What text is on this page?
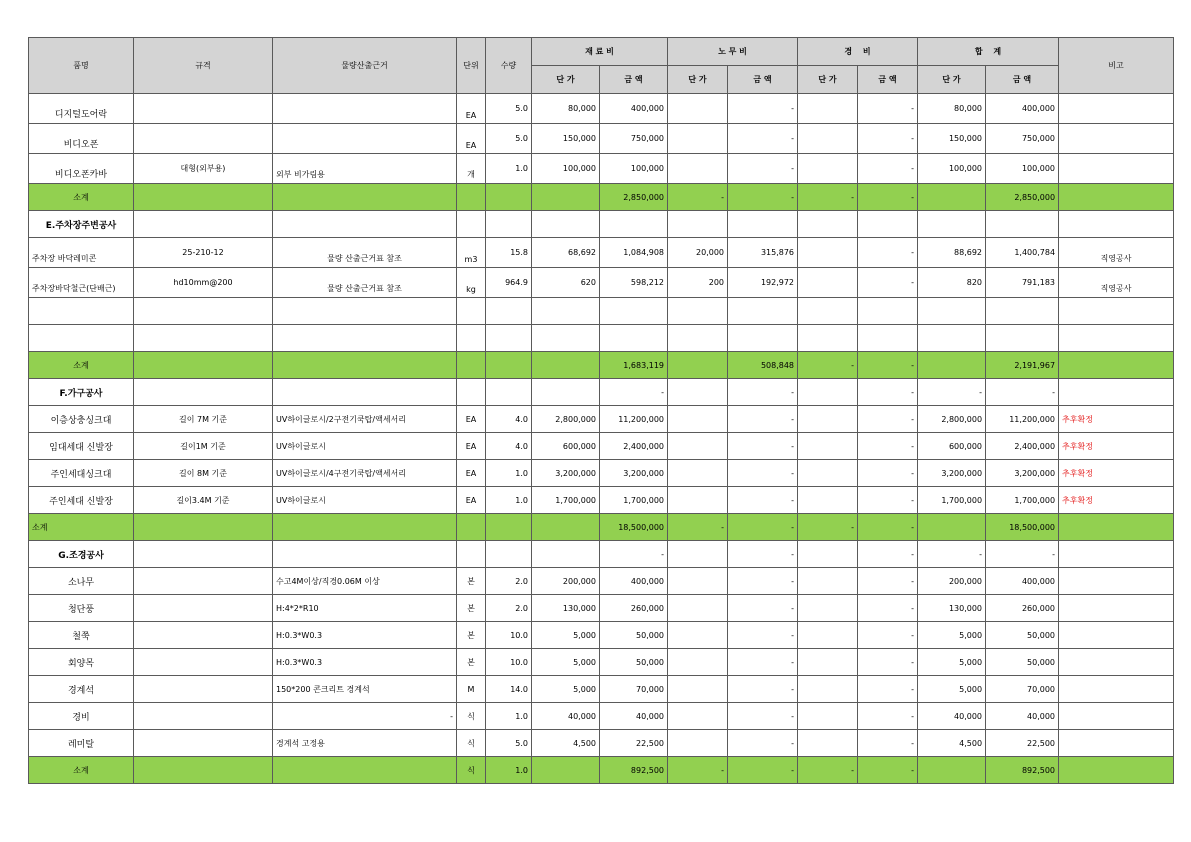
품명	규격	물량산출근거	단위	수량	재 료 비		노 무 비		경　 비		합　 계		비고
					단 가	금 액	단 가	금 액	단 가	금 액	단 가	금 액	
디지털도어락			EA	5.0	80,000	400,000		-		-	80,000	400,000	
비디오폰			EA	5.0	150,000	750,000		-		-	150,000	750,000	
비디오폰카바	대형(외부용)	외부 비가림용	개	1.0	100,000	100,000		-		-	100,000	100,000	
소계						2,850,000	-	-	-	-		2,850,000	
E.주차장주변공사													
주차장 바닥레미콘	25-210-12	물량 산출근거표 참조	m3	15.8	68,692	1,084,908	20,000	315,876		-	88,692	1,400,784	직영공사
주차장바닥철근(단배근)	hd10mm@200	물량 산출근거표 참조	kg	964.9	620	598,212	200	192,972		-	820	791,183	직영공사

소계						1,683,119		508,848	-	-		2,191,967	
F.가구공사						-		-		-	-	-	
이층상충싱크대	길이 7M 기준	UV하이글로시/2구전기쿡탑/액세서리	EA	4.0	2,800,000	11,200,000		-		-	2,800,000	11,200,000	추후확정
임대세대 신발장	길이1M 기준	UV하이글로시	EA	4.0	600,000	2,400,000		-		-	600,000	2,400,000	추후확정
주인세대싱크대	길이 8M 기준	UV하이글로시/4구전기쿡탑/액세서리	EA	1.0	3,200,000	3,200,000		-		-	3,200,000	3,200,000	추후확정
주인세대 신발장	길이3.4M 기준	UV하이글로시	EA	1.0	1,700,000	1,700,000		-		-	1,700,000	1,700,000	추후확정
소계						18,500,000	-	-	-	-		18,500,000	
G.조경공사						-		-		-	-	-	
소나무		수고4M이상/직경0.06M 이상	본	2.0	200,000	400,000		-		-	200,000	400,000	
청단풍		H:4*2*R10	본	2.0	130,000	260,000		-		-	130,000	260,000	
철쭉		H:0.3*W0.3	본	10.0	5,000	50,000		-		-	5,000	50,000	
회양목		H:0.3*W0.3	본	10.0	5,000	50,000		-		-	5,000	50,000	
경계석		150*200 콘크리트 경계석	M	14.0	5,000	70,000		-		-	5,000	70,000	
경비		-	식	1.0	40,000	40,000		-		-	40,000	40,000	
레미탈		경계석 고정용	식	5.0	4,500	22,500		-		-	4,500	22,500	
소계			식	1.0		892,500	-	-	-	-		892,500	
